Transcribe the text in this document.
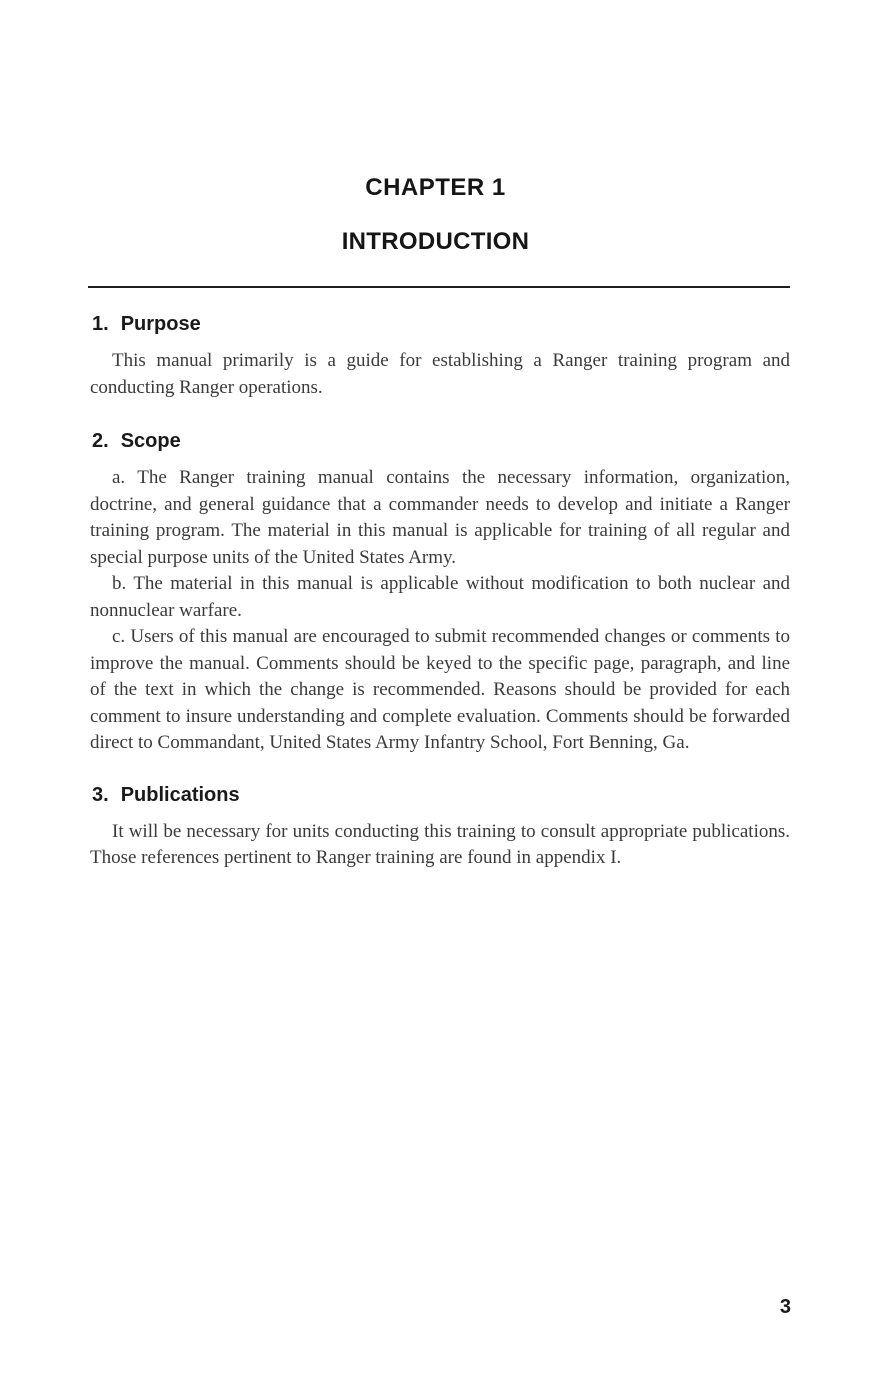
CHAPTER 1
INTRODUCTION
1. Purpose

This manual primarily is a guide for establishing a Ranger training program and conducting Ranger operations.

2. Scope

a. The Ranger training manual contains the necessary information, organization, doctrine, and general guidance that a commander needs to develop and initiate a Ranger training program. The material in this manual is applicable for training of all regular and special purpose units of the United States Army.

b. The material in this manual is applicable without modification to both nuclear and nonnuclear warfare.

c. Users of this manual are encouraged to submit recommended changes or comments to improve the manual. Comments should be keyed to the specific page, paragraph, and line of the text in which the change is recommended. Reasons should be provided for each comment to insure understanding and complete evaluation. Comments should be forwarded direct to Commandant, United States Army Infantry School, Fort Benning, Ga.

3. Publications

It will be necessary for units conducting this training to consult appropriate publications. Those references pertinent to Ranger training are found in appendix I.

3
